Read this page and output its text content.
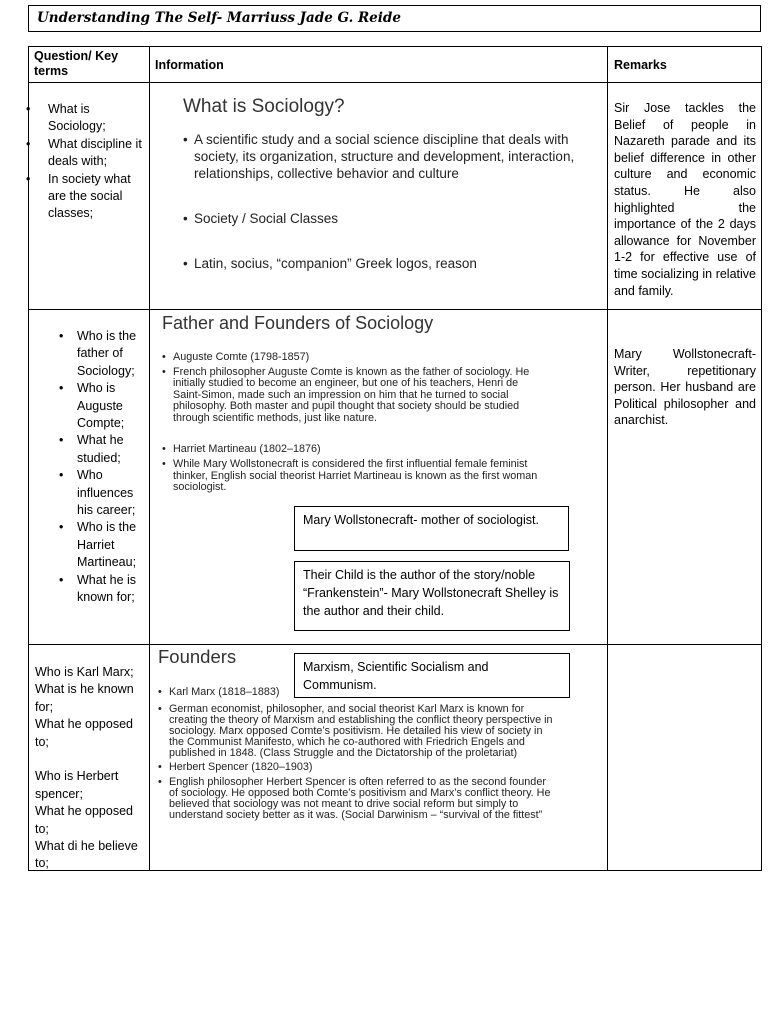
Understanding The Self- Marriuss Jade G. Reide
Question/ Key terms	Information	Remarks
• What is Sociology;
• What discipline it deals with;
• In society what are the social classes;
What is Sociology?
• A scientific study and a social science discipline that deals with society, its organization, structure and development, interaction, relationships, collective behavior and culture
• Society / Social Classes
• Latin, socius, “companion” Greek logos, reason
Sir Jose tackles the Belief of people in Nazareth parade and its belief difference in other culture and economic status. He also highlighted the importance of the 2 days allowance for November 1-2 for effective use of time socializing in relative and family.
• Who is the father of Sociology;
• Who is Auguste Compte;
• What he studied;
• Who influences his career;
• Who is the Harriet Martineau;
• What he is known for;
Father and Founders of Sociology
• Auguste Comte (1798-1857)
• French philosopher Auguste Comte is known as the father of sociology. He initially studied to become an engineer, but one of his teachers, Henri de Saint-Simon, made such an impression on him that he turned to social philosophy. Both master and pupil thought that society should be studied through scientific methods, just like nature.
• Harriet Martineau (1802–1876)
• While Mary Wollstonecraft is considered the first influential female feminist thinker, English social theorist Harriet Martineau is known as the first woman sociologist.
Mary Wollstonecraft- mother of sociologist.
Their Child is the author of the story/noble “Frankenstein”- Mary Wollstonecraft Shelley is the author and their child.
Mary Wollstonecraft- Writer, repetitionary person. Her husband are Political philosopher and anarchist.
Who is Karl Marx;
What is he known for;
What he opposed to;
Who is Herbert spencer;
What he opposed to;
What di he believe to;
Founders
• Karl Marx (1818–1883)
• German economist, philosopher, and social theorist Karl Marx is known for creating the theory of Marxism and establishing the conflict theory perspective in sociology. Marx opposed Comte’s positivism. He detailed his view of society in the Communist Manifesto, which he co-authored with Friedrich Engels and published in 1848. (Class Struggle and the Dictatorship of the proletariat)
• Herbert Spencer (1820–1903)
• English philosopher Herbert Spencer is often referred to as the second founder of sociology. He opposed both Comte’s positivism and Marx’s conflict theory. He believed that sociology was not meant to drive social reform but simply to understand society better as it was. (Social Darwinism – “survival of the fittest”
Marxism, Scientific Socialism and Communism.
